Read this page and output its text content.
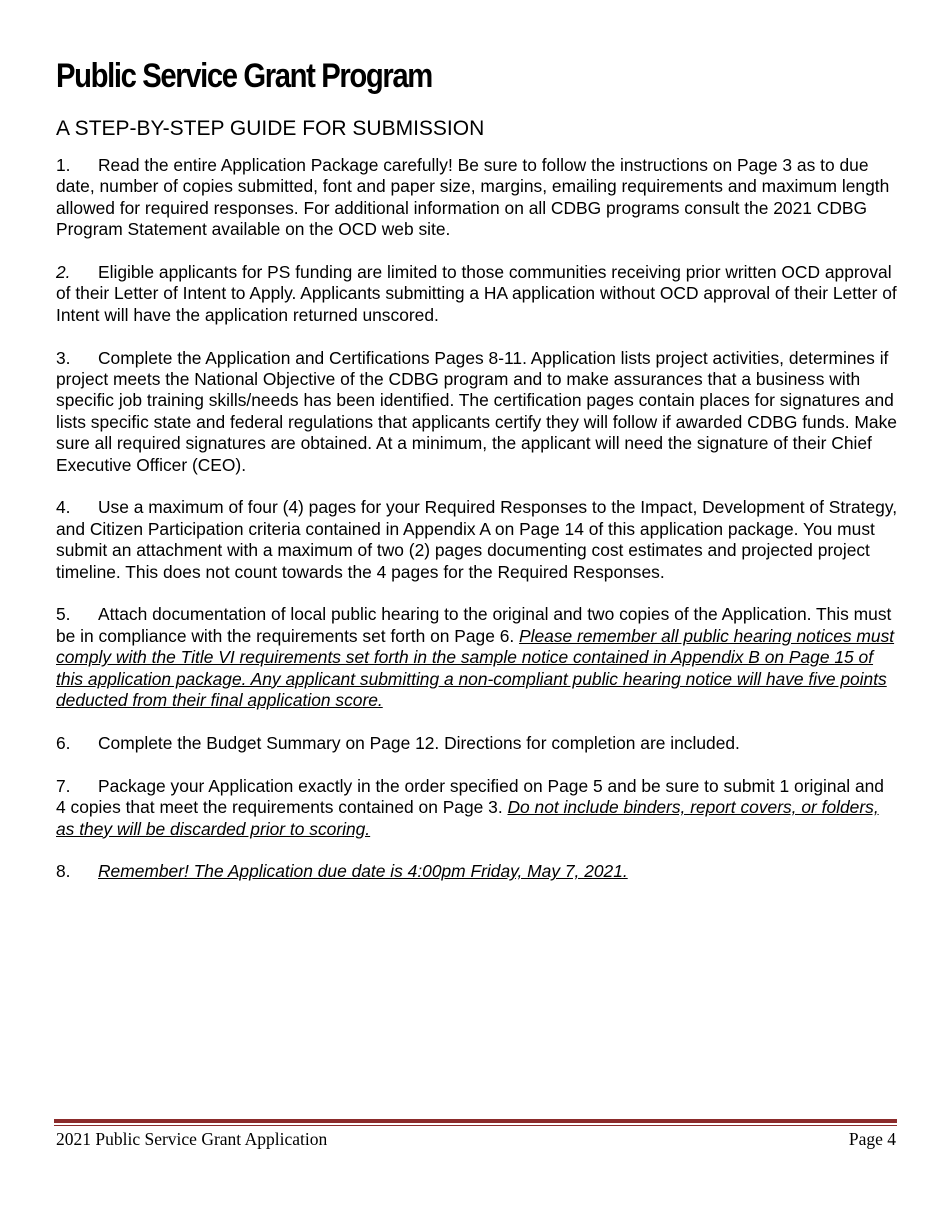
Public Service Grant Program
A STEP-BY-STEP GUIDE FOR SUBMISSION
1. Read the entire Application Package carefully! Be sure to follow the instructions on Page 3 as to due date, number of copies submitted, font and paper size, margins, emailing requirements and maximum length allowed for required responses. For additional information on all CDBG programs consult the 2021 CDBG Program Statement available on the OCD web site.
2. Eligible applicants for PS funding are limited to those communities receiving prior written OCD approval of their Letter of Intent to Apply. Applicants submitting a HA application without OCD approval of their Letter of Intent will have the application returned unscored.
3. Complete the Application and Certifications Pages 8-11. Application lists project activities, determines if project meets the National Objective of the CDBG program and to make assurances that a business with specific job training skills/needs has been identified. The certification pages contain places for signatures and lists specific state and federal regulations that applicants certify they will follow if awarded CDBG funds. Make sure all required signatures are obtained. At a minimum, the applicant will need the signature of their Chief Executive Officer (CEO).
4. Use a maximum of four (4) pages for your Required Responses to the Impact, Development of Strategy, and Citizen Participation criteria contained in Appendix A on Page 14 of this application package. You must submit an attachment with a maximum of two (2) pages documenting cost estimates and projected project timeline. This does not count towards the 4 pages for the Required Responses.
5. Attach documentation of local public hearing to the original and two copies of the Application. This must be in compliance with the requirements set forth on Page 6. Please remember all public hearing notices must comply with the Title VI requirements set forth in the sample notice contained in Appendix B on Page 15 of this application package. Any applicant submitting a non-compliant public hearing notice will have five points deducted from their final application score.
6. Complete the Budget Summary on Page 12. Directions for completion are included.
7. Package your Application exactly in the order specified on Page 5 and be sure to submit 1 original and 4 copies that meet the requirements contained on Page 3. Do not include binders, report covers, or folders, as they will be discarded prior to scoring.
8. Remember! The Application due date is 4:00pm Friday, May 7, 2021.
2021 Public Service Grant Application	Page 4
